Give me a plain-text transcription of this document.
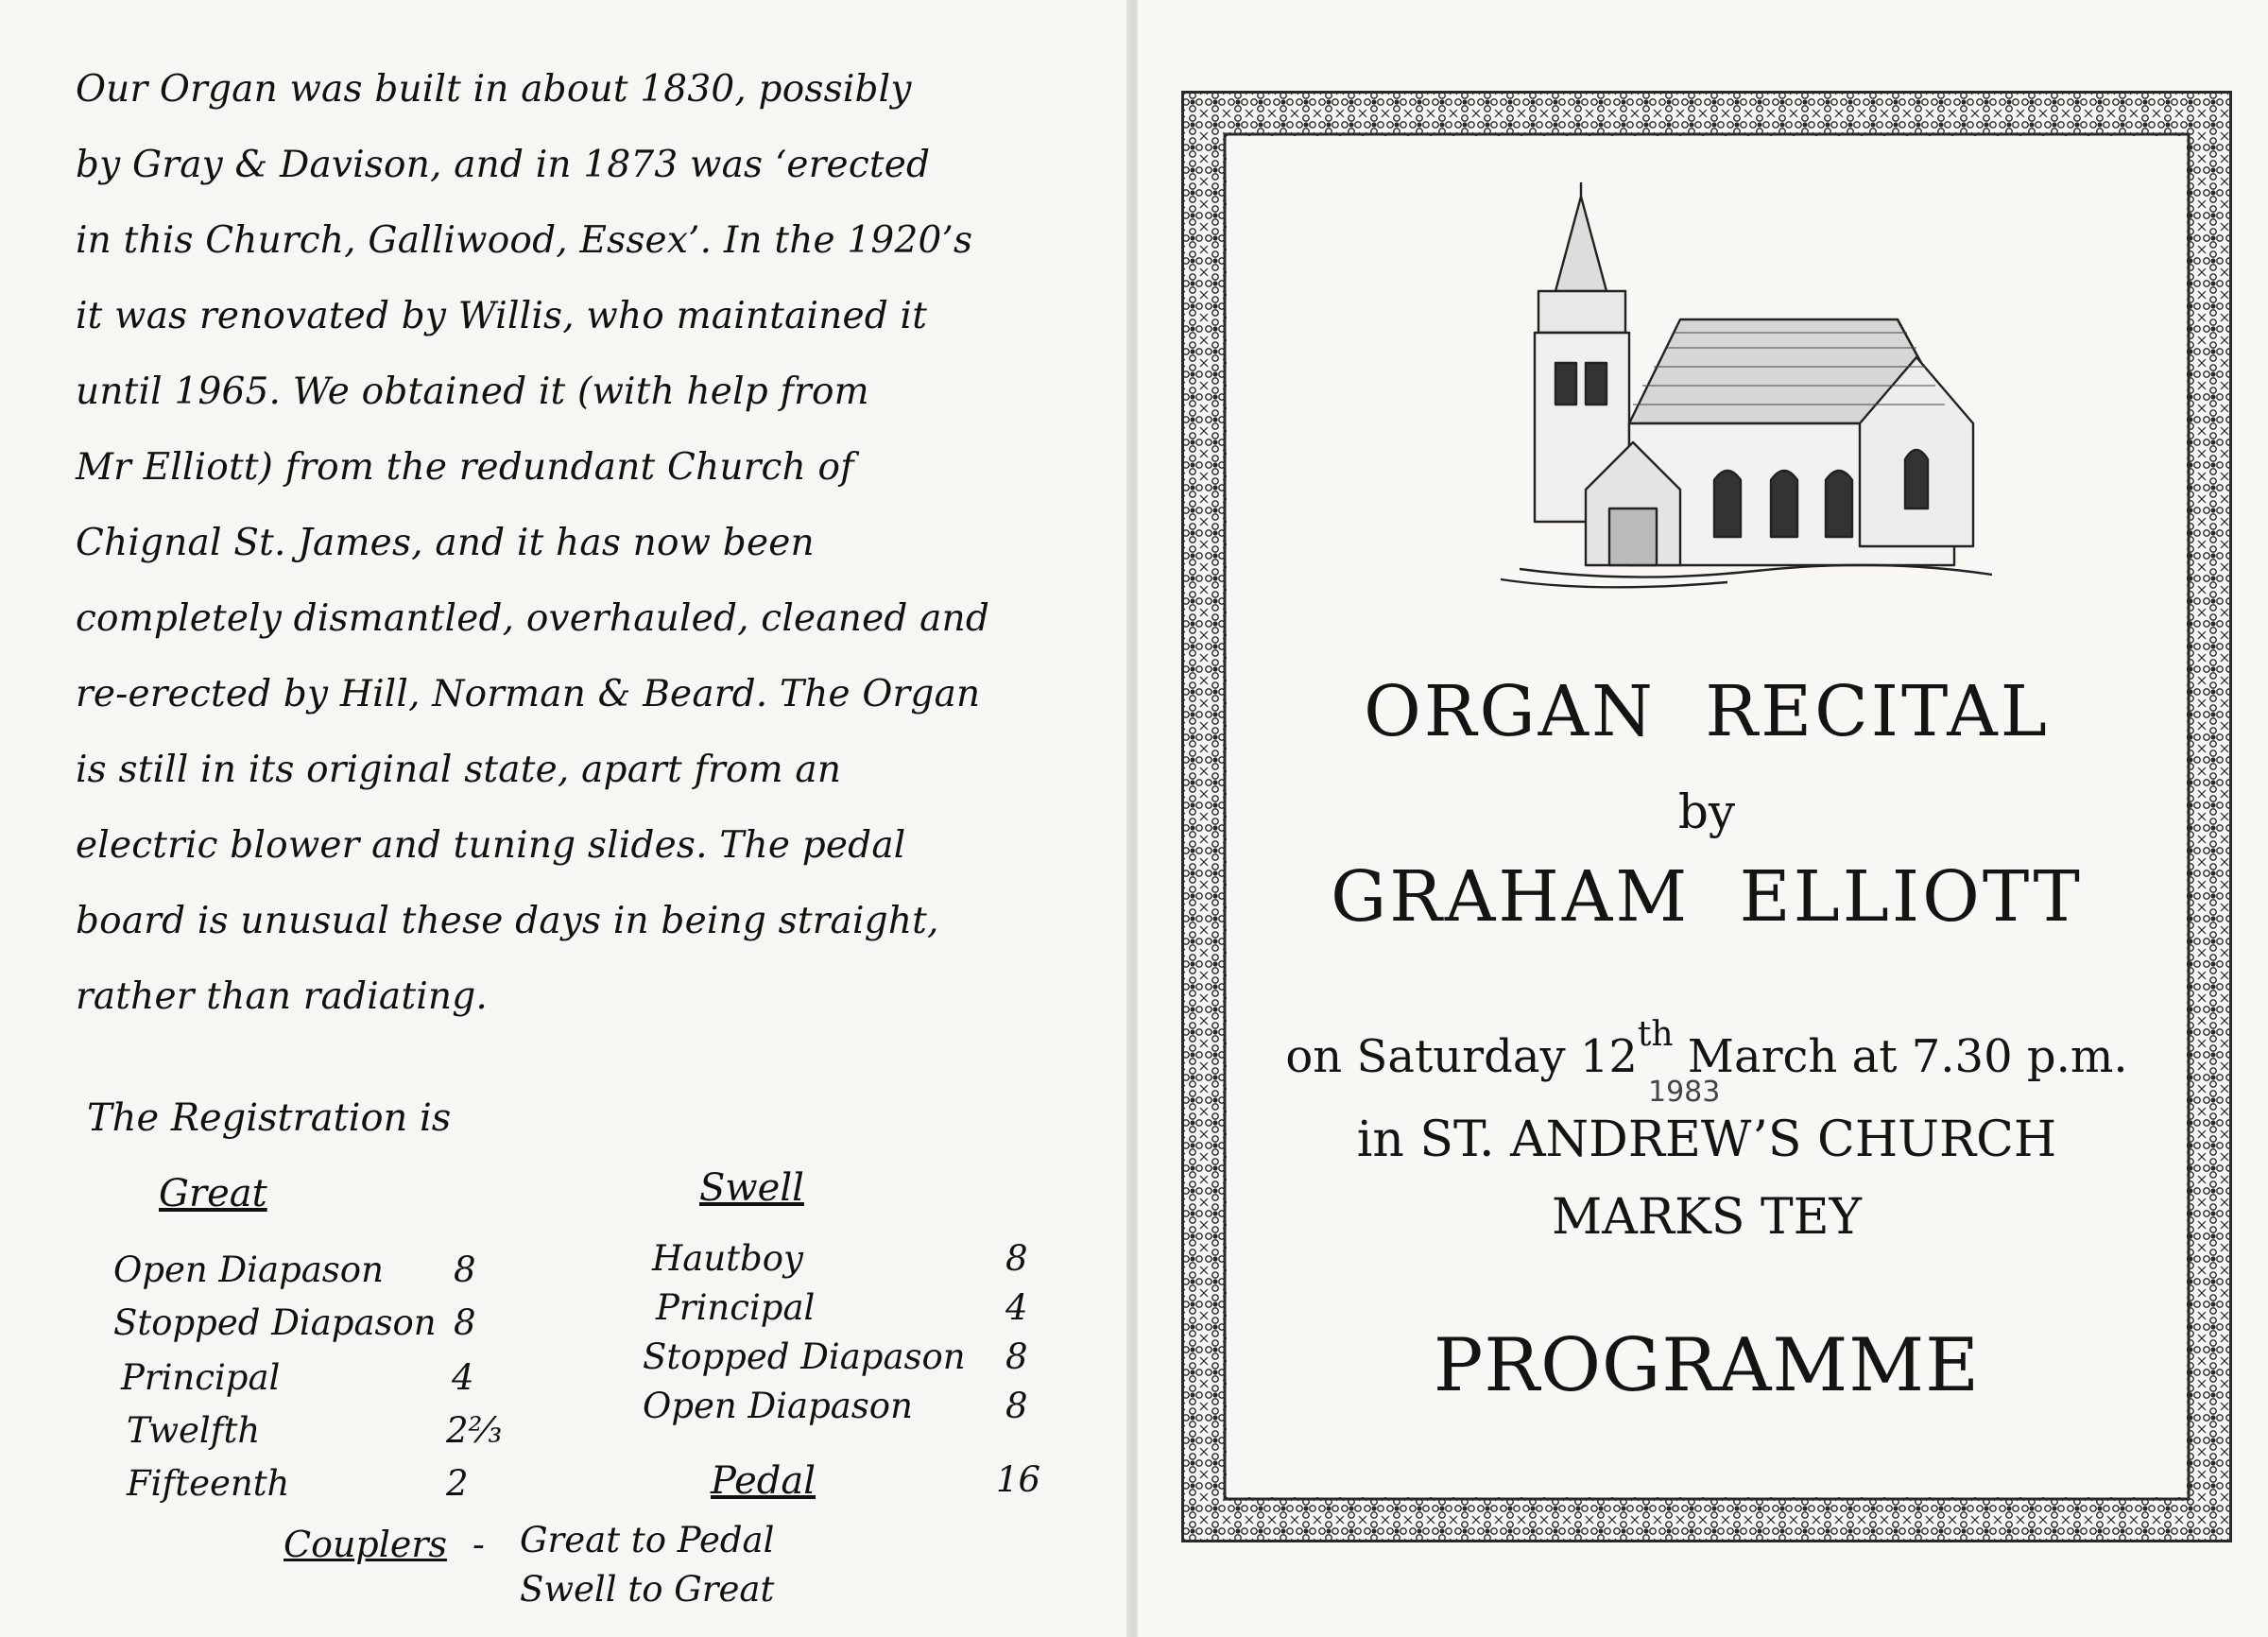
Our Organ was built in about 1830, possibly
by Gray & Davison, and in 1873 was ‘erected
in this Church, Galliwood, Essex’. In the 1920’s
it was renovated by Willis, who maintained it
until 1965. We obtained it (with help from
Mr Elliott) from the redundant Church of
Chignal St. James, and it has now been
completely dismantled, overhauled, cleaned and
re-erected by Hill, Norman & Beard. The Organ
is still in its original state, apart from an
electric blower and tuning slides. The pedal
board is unusual these days in being straight,
rather than radiating.
The Registration is
Great
Open Diapason 8
Stopped Diapason 8
Principal	4
Twelfth	2⅔
Fifteenth	2
Swell
Hautboy	8
Principal	4
Stopped Diapason 8
Open Diapason	8
Pedal	16
Couplers - Great to Pedal
Swell to Great
ORGAN RECITAL
by
GRAHAM ELLIOTT
on Saturday 12th March at 7.30 p.m.
1983
in ST. ANDREW’S CHURCH
MARKS TEY
PROGRAMME
